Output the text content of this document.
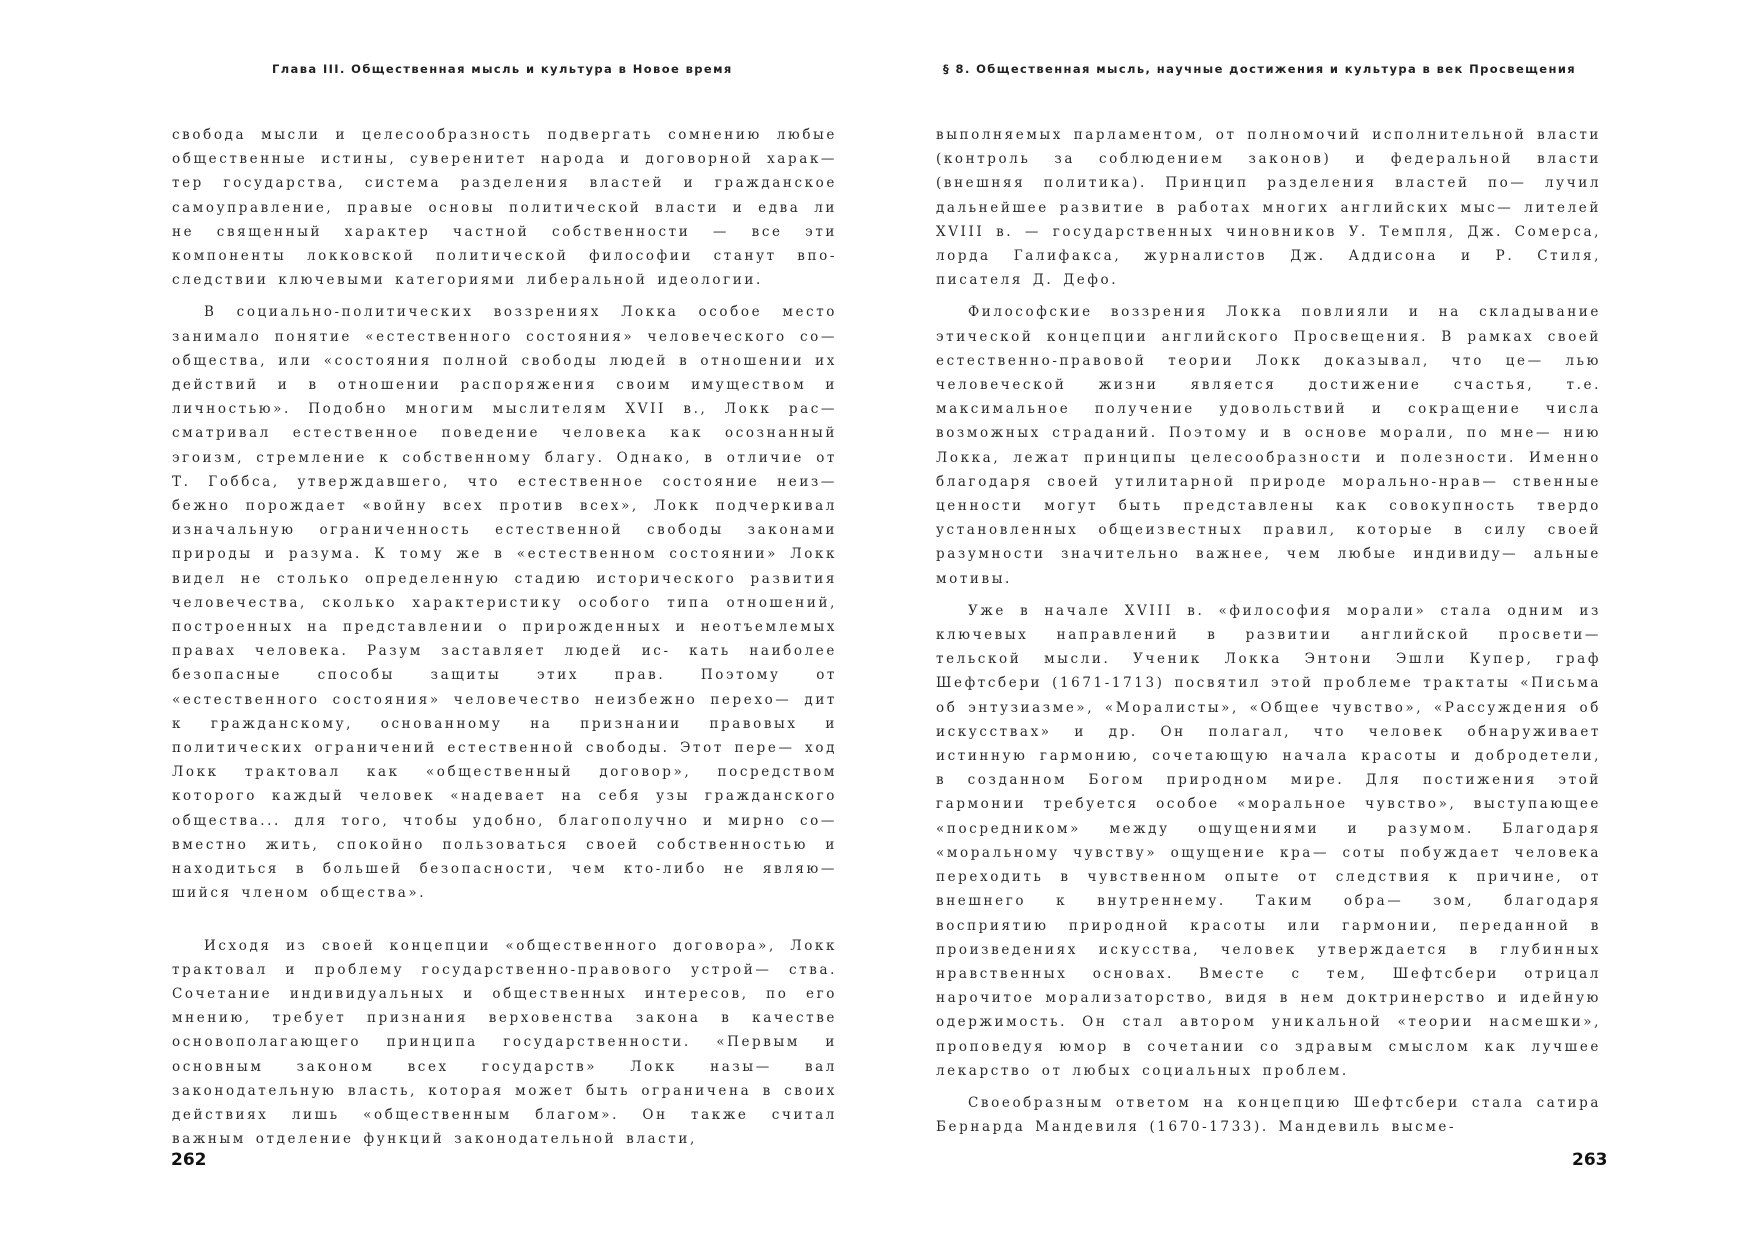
Глава III. Общественная мысль и культура в Новое время

свобода мысли и целесообразность подвергать сомнению любые общественные истины, суверенитет народа и договорной харак— тер государства, система разделения властей и гражданское самоуправление, правые основы политической власти и едва ли не священный характер частной собственности — все эти компоненты локковской политической философии станут впо- следствии ключевыми категориями либеральной идеологии.

В социально-политических воззрениях Локка особое место занимало понятие «естественного состояния» человеческого со— общества, или «состояния полной свободы людей в отношении их действий и в отношении распоряжения своим имуществом и личностью». Подобно многим мыслителям XVII в., Локк рас— сматривал естественное поведение человека как осознанный эгоизм, стремление к собственному благу. Однако, в отличие от Т. Гоббса, утверждавшего, что естественное состояние неиз— бежно порождает «войну всех против всех», Локк подчеркивал изначальную ограниченность естественной свободы законами природы и разума. К тому же в «естественном состоянии» Локк видел не столько определенную стадию исторического развития человечества, сколько характеристику особого типа отношений, построенных на представлении о прирожденных и неотъемлемых правах человека. Разум заставляет людей ис- кать наиболее безопасные способы защиты этих прав. Поэтому от «естественного состояния» человечество неизбежно перехо— дит к гражданскому, основанному на признании правовых и политических ограничений естественной свободы. Этот пере— ход Локк трактовал как «общественный договор», посредством которого каждый человек «надевает на себя узы гражданского общества... для того, чтобы удобно, благополучно и мирно со— вместно жить, спокойно пользоваться своей собственностью и находиться в большей безопасности, чем кто-либо не являю— шийся членом общества».

Исходя из своей концепции «общественного договора», Локк трактовал и проблему государственно-правового устрой— ства. Сочетание индивидуальных и общественных интересов, по его мнению, требует признания верховенства закона в качестве основополагающего принципа государственности. «Первым и основным законом всех государств» Локк назы— вал законодательную власть, которая может быть ограничена в своих действиях лишь «общественным благом». Он также считал важным отделение функций законодательной власти,

262
§ 8. Общественная мысль, научные достижения и культура в век Просвещения

выполняемых парламентом, от полномочий исполнительной власти (контроль за соблюдением законов) и федеральной власти (внешняя политика). Принцип разделения властей по— лучил дальнейшее развитие в работах многих английских мыс— лителей XVIII в. — государственных чиновников У. Темпля, Дж. Сомерса, лорда Галифакса, журналистов Дж. Аддисона и Р. Стиля, писателя Д. Дефо.

Философские воззрения Локка повлияли и на складывание этической концепции английского Просвещения. В рамках своей естественно-правовой теории Локк доказывал, что це— лью человеческой жизни является достижение счастья, т.е. максимальное получение удовольствий и сокращение числа возможных страданий. Поэтому и в основе морали, по мне— нию Локка, лежат принципы целесообразности и полезности. Именно благодаря своей утилитарной природе морально-нрав— ственные ценности могут быть представлены как совокупность твердо установленных общеизвестных правил, которые в силу своей разумности значительно важнее, чем любые индивиду— альные мотивы.

Уже в начале XVIII в. «философия морали» стала одним из ключевых направлений в развитии английской просвети— тельской мысли. Ученик Локка Энтони Эшли Купер, граф Шефтсбери (1671-1713) посвятил этой проблеме трактаты «Письма об энтузиазме», «Моралисты», «Общее чувство», «Рассуждения об искусствах» и др. Он полагал, что человек обнаруживает истинную гармонию, сочетающую начала красоты и добродетели, в созданном Богом природном мире. Для постижения этой гармонии требуется особое «моральное чувство», выступающее «посредником» между ощущениями и разумом. Благодаря «моральному чувству» ощущение кра— соты побуждает человека переходить в чувственном опыте от следствия к причине, от внешнего к внутреннему. Таким обра— зом, благодаря восприятию природной красоты или гармонии, переданной в произведениях искусства, человек утверждается в глубинных нравственных основах. Вместе с тем, Шефтсбери отрицал нарочитое морализаторство, видя в нем доктринерство и идейную одержимость. Он стал автором уникальной «теории насмешки», проповедуя юмор в сочетании со здравым смыслом как лучшее лекарство от любых социальных проблем.

Своеобразным ответом на концепцию Шефтсбери стала сатира Бернарда Мандевиля (1670-1733). Мандевиль высме-

263
